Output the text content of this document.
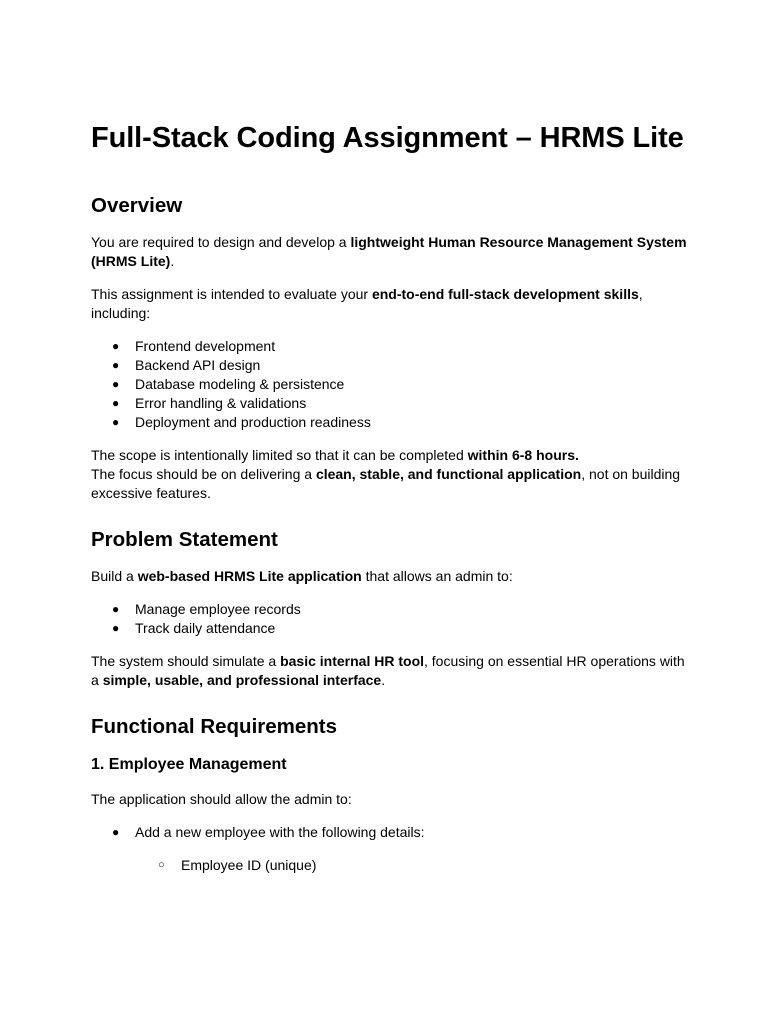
Full-Stack Coding Assignment – HRMS Lite
Overview

You are required to design and develop a lightweight Human Resource Management System (HRMS Lite).

This assignment is intended to evaluate your end-to-end full-stack development skills, including:

● Frontend development
● Backend API design
● Database modeling & persistence
● Error handling & validations
● Deployment and production readiness

The scope is intentionally limited so that it can be completed within 6-8 hours.
The focus should be on delivering a clean, stable, and functional application, not on building excessive features.

Problem Statement

Build a web-based HRMS Lite application that allows an admin to:

● Manage employee records
● Track daily attendance

The system should simulate a basic internal HR tool, focusing on essential HR operations with a simple, usable, and professional interface.

Functional Requirements
1. Employee Management

The application should allow the admin to:

● Add a new employee with the following details:
○ Employee ID (unique)
